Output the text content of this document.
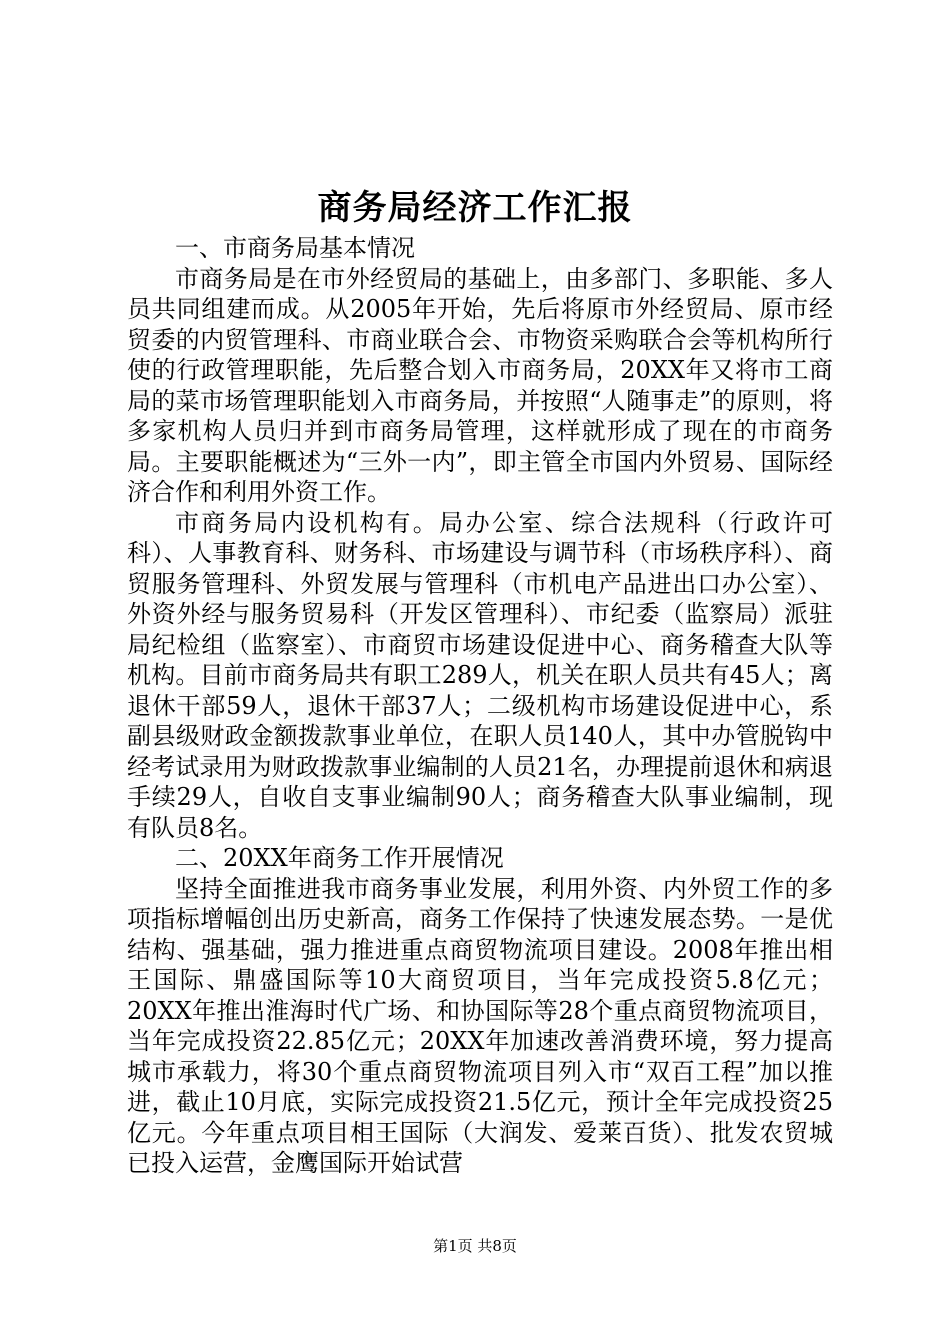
商务局经济工作汇报

一、市商务局基本情况

市商务局是在市外经贸局的基础上，由多部门、多职能、多人员共同组建而成。从2005年开始，先后将原市外经贸局、原市经贸委的内贸管理科、市商业联合会、市物资采购联合会等机构所行使的行政管理职能，先后整合划入市商务局，20XX年又将市工商局的菜市场管理职能划入市商务局，并按照“人随事走”的原则，将多家机构人员归并到市商务局管理，这样就形成了现在的市商务局。主要职能概述为“三外一内”，即主管全市国内外贸易、国际经济合作和利用外资工作。

市商务局内设机构有。局办公室、综合法规科（行政许可科）、人事教育科、财务科、市场建设与调节科（市场秩序科）、商贸服务管理科、外贸发展与管理科（市机电产品进出口办公室）、外资外经与服务贸易科（开发区管理科）、市纪委（监察局）派驻局纪检组（监察室）、市商贸市场建设促进中心、商务稽查大队等机构。目前市商务局共有职工289人，机关在职人员共有45人；离退休干部59人，退休干部37人；二级机构市场建设促进中心，系副县级财政金额拨款事业单位，在职人员140人，其中办管脱钩中经考试录用为财政拨款事业编制的人员21名，办理提前退休和病退手续29人，自收自支事业编制90人；商务稽查大队事业编制，现有队员8名。

二、20XX年商务工作开展情况

坚持全面推进我市商务事业发展，利用外资、内外贸工作的多项指标增幅创出历史新高，商务工作保持了快速发展态势。一是优结构、强基础，强力推进重点商贸物流项目建设。2008年推出相王国际、鼎盛国际等10大商贸项目，当年完成投资5.8亿元；20XX年推出淮海时代广场、和协国际等28个重点商贸物流项目，当年完成投资22.85亿元；20XX年加速改善消费环境，努力提高城市承载力，将30个重点商贸物流项目列入市“双百工程”加以推进，截止10月底，实际完成投资21.5亿元，预计全年完成投资25亿元。今年重点项目相王国际（大润发、爱莱百货）、批发农贸城已投入运营，金鹰国际开始试营

第1页 共8页
